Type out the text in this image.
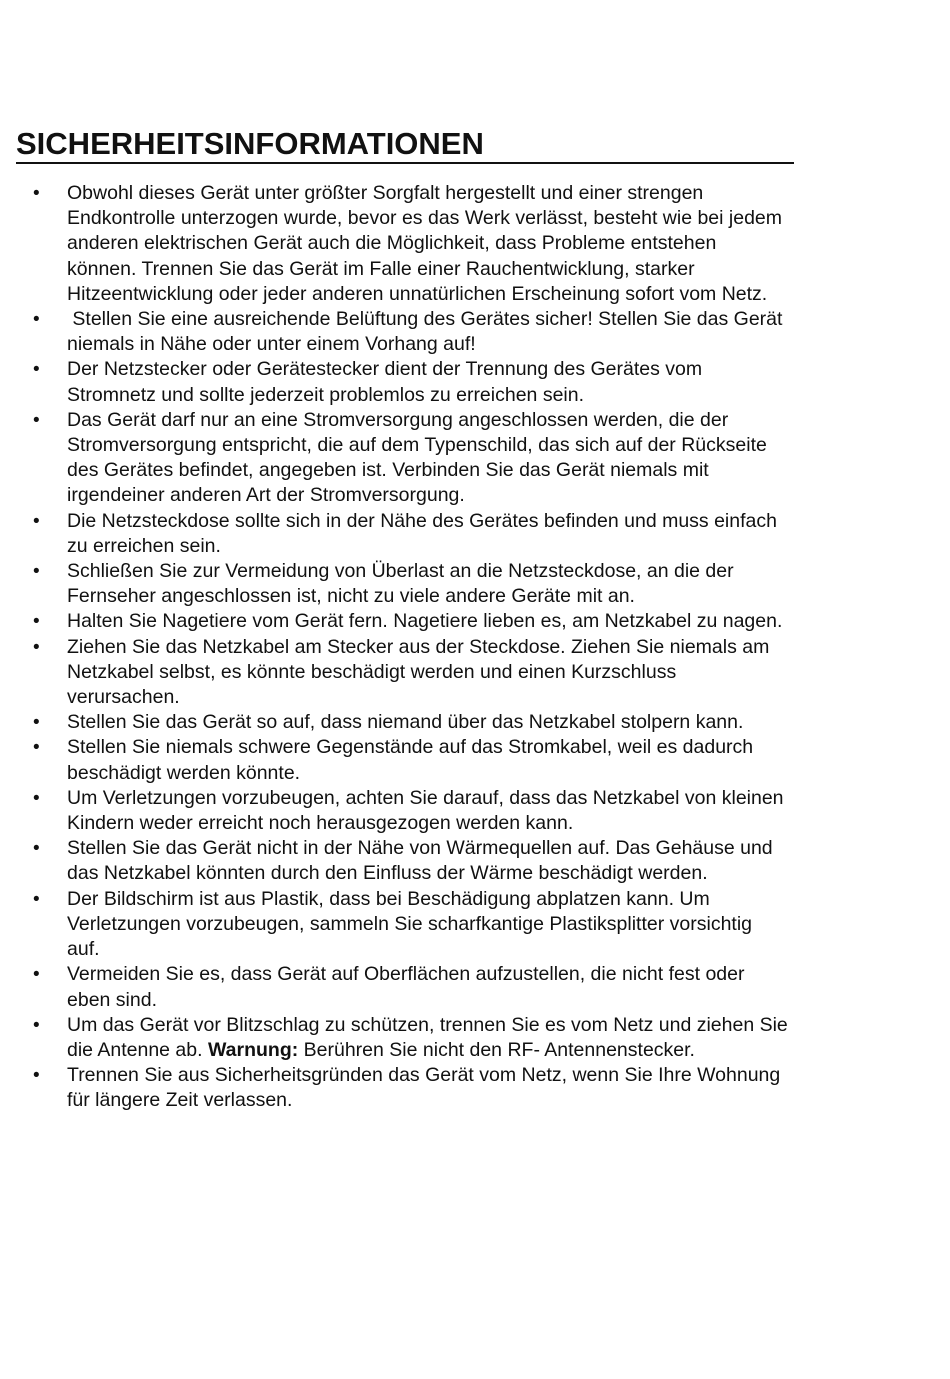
SICHERHEITSINFORMATIONEN
• Obwohl dieses Gerät unter größter Sorgfalt hergestellt und einer strengen
Endkontrolle unterzogen wurde, bevor es das Werk verlässt, besteht wie bei jedem
anderen elektrischen Gerät auch die Möglichkeit, dass Probleme entstehen
können. Trennen Sie das Gerät im Falle einer Rauchentwicklung, starker
Hitzeentwicklung oder jeder anderen unnatürlichen Erscheinung sofort vom Netz.
• Stellen Sie eine ausreichende Belüftung des Gerätes sicher! Stellen Sie das Gerät
niemals in Nähe oder unter einem Vorhang auf!
• Der Netzstecker oder Gerätestecker dient der Trennung des Gerätes vom
Stromnetz und sollte jederzeit problemlos zu erreichen sein.
• Das Gerät darf nur an eine Stromversorgung angeschlossen werden, die der
Stromversorgung entspricht, die auf dem Typenschild, das sich auf der Rückseite
des Gerätes befindet, angegeben ist. Verbinden Sie das Gerät niemals mit
irgendeiner anderen Art der Stromversorgung.
• Die Netzsteckdose sollte sich in der Nähe des Gerätes befinden und muss einfach
zu erreichen sein.
• Schließen Sie zur Vermeidung von Überlast an die Netzsteckdose, an die der
Fernseher angeschlossen ist, nicht zu viele andere Geräte mit an.
• Halten Sie Nagetiere vom Gerät fern. Nagetiere lieben es, am Netzkabel zu nagen.
• Ziehen Sie das Netzkabel am Stecker aus der Steckdose. Ziehen Sie niemals am
Netzkabel selbst, es könnte beschädigt werden und einen Kurzschluss
verursachen.
• Stellen Sie das Gerät so auf, dass niemand über das Netzkabel stolpern kann.
• Stellen Sie niemals schwere Gegenstände auf das Stromkabel, weil es dadurch
beschädigt werden könnte.
• Um Verletzungen vorzubeugen, achten Sie darauf, dass das Netzkabel von kleinen
Kindern weder erreicht noch herausgezogen werden kann.
• Stellen Sie das Gerät nicht in der Nähe von Wärmequellen auf. Das Gehäuse und
das Netzkabel könnten durch den Einfluss der Wärme beschädigt werden.
• Der Bildschirm ist aus Plastik, dass bei Beschädigung abplatzen kann. Um
Verletzungen vorzubeugen, sammeln Sie scharfkantige Plastiksplitter vorsichtig
auf.
• Vermeiden Sie es, dass Gerät auf Oberflächen aufzustellen, die nicht fest oder
eben sind.
• Um das Gerät vor Blitzschlag zu schützen, trennen Sie es vom Netz und ziehen Sie
die Antenne ab. Warnung: Berühren Sie nicht den RF- Antennenstecker.
• Trennen Sie aus Sicherheitsgründen das Gerät vom Netz, wenn Sie Ihre Wohnung
für längere Zeit verlassen.
